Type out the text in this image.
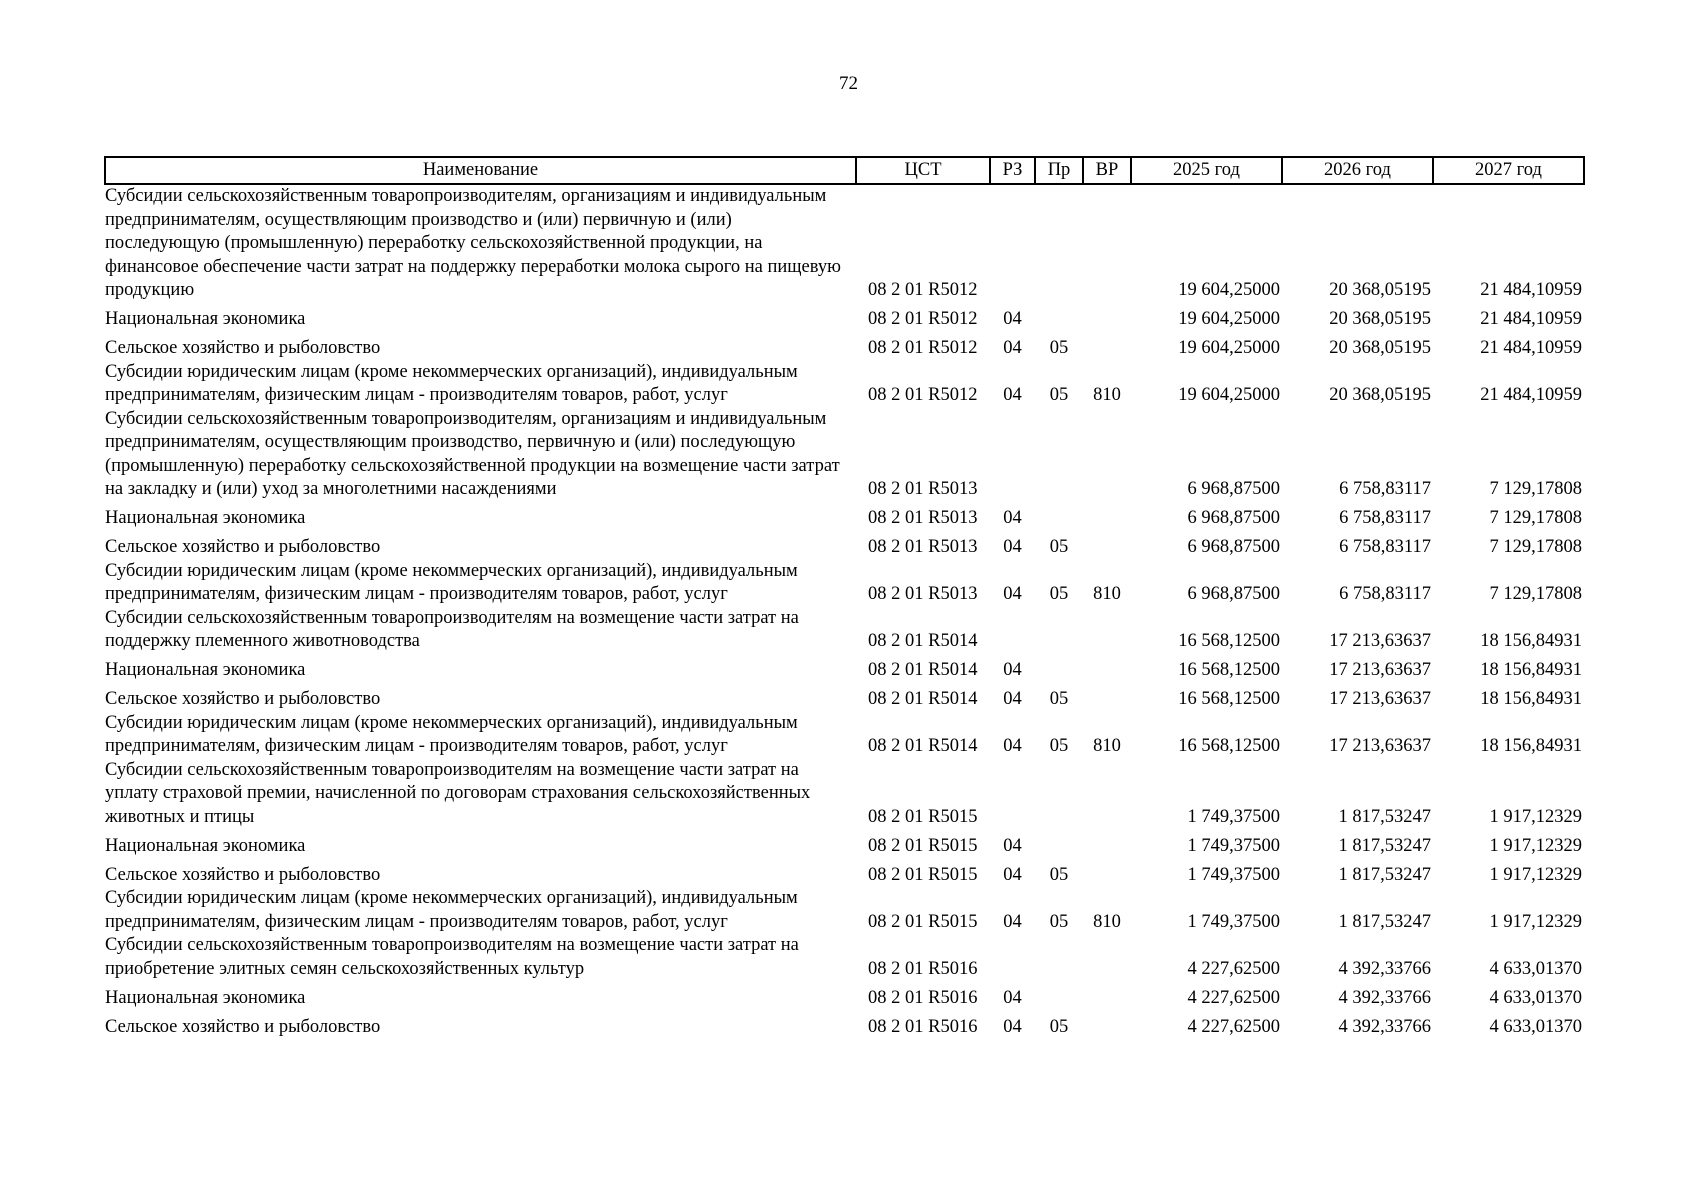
72
Наименование	ЦСТ	РЗ	Пр	ВР	2025 год	2026 год	2027 год
Субсидии сельскохозяйственным товаропроизводителям, организациям и индивидуальным предпринимателям, осуществляющим производство и (или) первичную и (или) последующую (промышленную) переработку сельскохозяйственной продукции, на финансовое обеспечение части затрат на поддержку переработки молока сырого на пищевую продукцию	08 2 01 R5012				19 604,25000	20 368,05195	21 484,10959
Национальная экономика	08 2 01 R5012	04			19 604,25000	20 368,05195	21 484,10959
Сельское хозяйство и рыболовство	08 2 01 R5012	04	05		19 604,25000	20 368,05195	21 484,10959
Субсидии юридическим лицам (кроме некоммерческих организаций), индивидуальным предпринимателям, физическим лицам - производителям товаров, работ, услуг	08 2 01 R5012	04	05	810	19 604,25000	20 368,05195	21 484,10959
Субсидии сельскохозяйственным товаропроизводителям, организациям и индивидуальным предпринимателям, осуществляющим производство, первичную и (или) последующую (промышленную) переработку сельскохозяйственной продукции на возмещение части затрат на закладку и (или) уход за многолетними насаждениями	08 2 01 R5013				6 968,87500	6 758,83117	7 129,17808
Национальная экономика	08 2 01 R5013	04			6 968,87500	6 758,83117	7 129,17808
Сельское хозяйство и рыболовство	08 2 01 R5013	04	05		6 968,87500	6 758,83117	7 129,17808
Субсидии юридическим лицам (кроме некоммерческих организаций), индивидуальным предпринимателям, физическим лицам - производителям товаров, работ, услуг	08 2 01 R5013	04	05	810	6 968,87500	6 758,83117	7 129,17808
Субсидии сельскохозяйственным товаропроизводителям на возмещение части затрат на поддержку племенного животноводства	08 2 01 R5014				16 568,12500	17 213,63637	18 156,84931
Национальная экономика	08 2 01 R5014	04			16 568,12500	17 213,63637	18 156,84931
Сельское хозяйство и рыболовство	08 2 01 R5014	04	05		16 568,12500	17 213,63637	18 156,84931
Субсидии юридическим лицам (кроме некоммерческих организаций), индивидуальным предпринимателям, физическим лицам - производителям товаров, работ, услуг	08 2 01 R5014	04	05	810	16 568,12500	17 213,63637	18 156,84931
Субсидии сельскохозяйственным товаропроизводителям на возмещение части затрат на уплату страховой премии, начисленной по договорам страхования сельскохозяйственных животных и птицы	08 2 01 R5015				1 749,37500	1 817,53247	1 917,12329
Национальная экономика	08 2 01 R5015	04			1 749,37500	1 817,53247	1 917,12329
Сельское хозяйство и рыболовство	08 2 01 R5015	04	05		1 749,37500	1 817,53247	1 917,12329
Субсидии юридическим лицам (кроме некоммерческих организаций), индивидуальным предпринимателям, физическим лицам - производителям товаров, работ, услуг	08 2 01 R5015	04	05	810	1 749,37500	1 817,53247	1 917,12329
Субсидии сельскохозяйственным товаропроизводителям на возмещение части затрат на приобретение элитных семян сельскохозяйственных культур	08 2 01 R5016				4 227,62500	4 392,33766	4 633,01370
Национальная экономика	08 2 01 R5016	04			4 227,62500	4 392,33766	4 633,01370
Сельское хозяйство и рыболовство	08 2 01 R5016	04	05		4 227,62500	4 392,33766	4 633,01370
